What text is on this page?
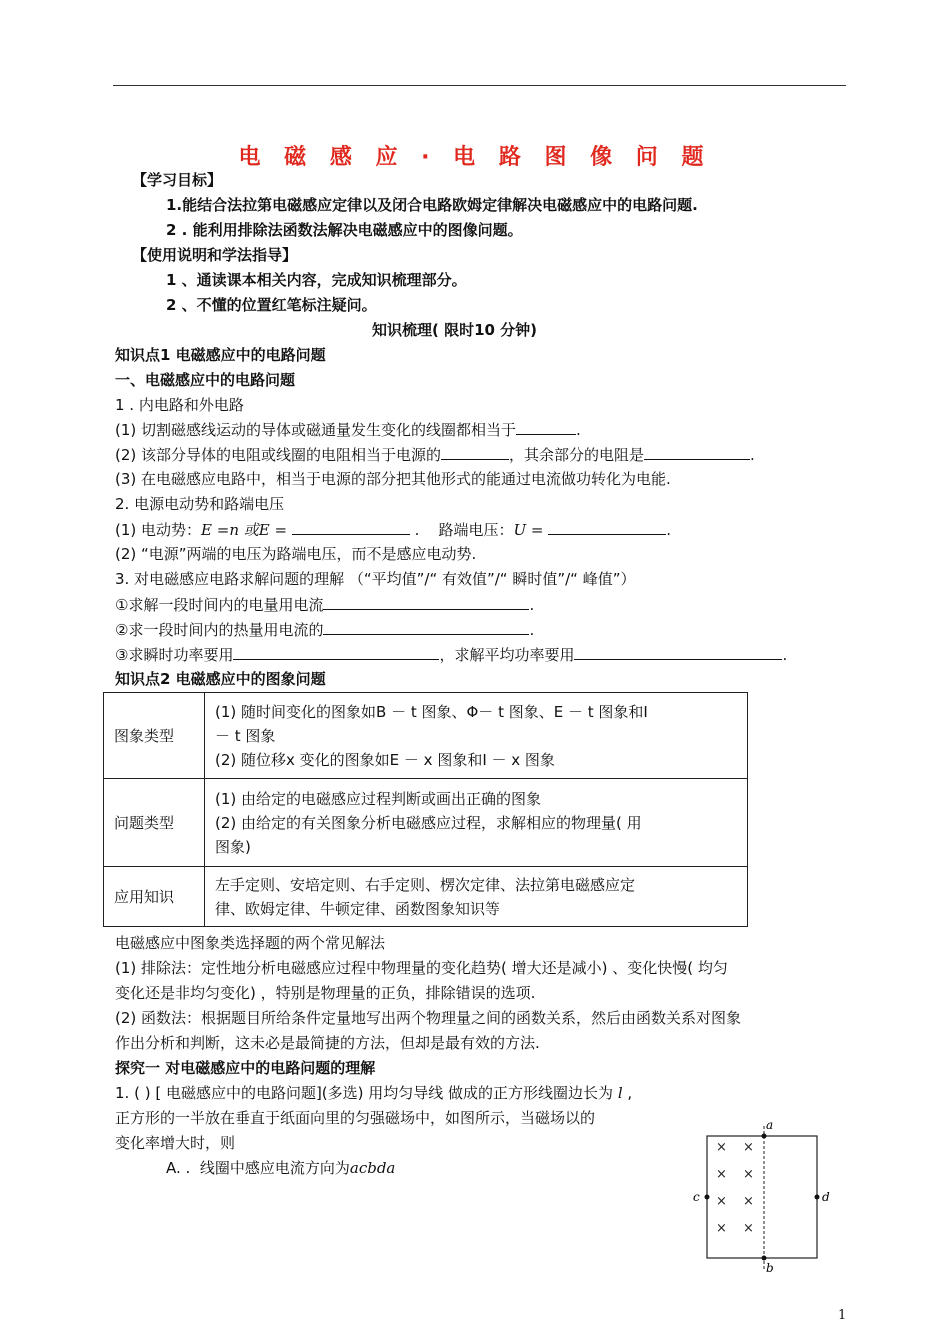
电 磁 感 应 · 电 路 图 像 问 题
【学习目标】
1.能结合法拉第电磁感应定律以及闭合电路欧姆定律解决电磁感应中的电路问题.
2 . 能利用排除法函数法解决电磁感应中的图像问题。
【使用说明和学法指导】
1 、通读课本相关内容，完成知识梳理部分。
2 、不懂的位置红笔标注疑问。
知识梳理( 限时10 分钟)
知识点1 电磁感应中的电路问题
一、电磁感应中的电路问题
1 . 内电路和外电路
(1) 切割磁感线运动的导体或磁通量发生变化的线圈都相当于	.
(2) 该部分导体的电阻或线圈的电阻相当于电源的	，其余部分的电阻是	.
(3) 在电磁感应电路中，相当于电源的部分把其他形式的能通过电流做功转化为电能.
2. 电源电动势和路端电压
(1) 电动势：E =n 或E =	.    路端电压：U =	.
(2) “电源”两端的电压为路端电压，而不是感应电动势.
3. 对电磁感应电路求解问题的理解 （“平均值”/“ 有效值”/“ 瞬时值”/“ 峰值”）
①求解一段时间内的电量用电流	.
②求一段时间内的热量用电流的	.
③求瞬时功率要用	，求解平均功率要用	.
知识点2 电磁感应中的图象问题
图象类型	(1) 随时间变化的图象如B － t 图象、Φ－ t 图象、E － t 图象和I
－ t 图象
(2) 随位移x 变化的图象如E － x 图象和I － x 图象

问题类型	(1) 由给定的电磁感应过程判断或画出正确的图象
(2) 由给定的有关图象分析电磁感应过程，求解相应的物理量( 用
图象)

应用知识	左手定则、安培定则、右手定则、楞次定律、法拉第电磁感应定
律、欧姆定律、牛顿定律、函数图象知识等
电磁感应中图象类选择题的两个常见解法
(1) 排除法：定性地分析电磁感应过程中物理量的变化趋势( 增大还是减小) 、变化快慢( 均匀
变化还是非均匀变化) ，特别是物理量的正负，排除错误的选项.
(2) 函数法：根据题目所给条件定量地写出两个物理量之间的函数关系，然后由函数关系对图象
作出分析和判断，这未必是最简捷的方法，但却是最有效的方法.
探究一 对电磁感应中的电路问题的理解
1. ( ) [ 电磁感应中的电路问题](多选) 用均匀导线 做成的正方形线圈边长为 l ,
正方形的一半放在垂直于纸面向里的匀强磁场中，如图所示，当磁场以的
变化率增大时，则
A. . 线圈中感应电流方向为acbda
a
b
c	d
× ×
× ×
× ×
× ×
1
